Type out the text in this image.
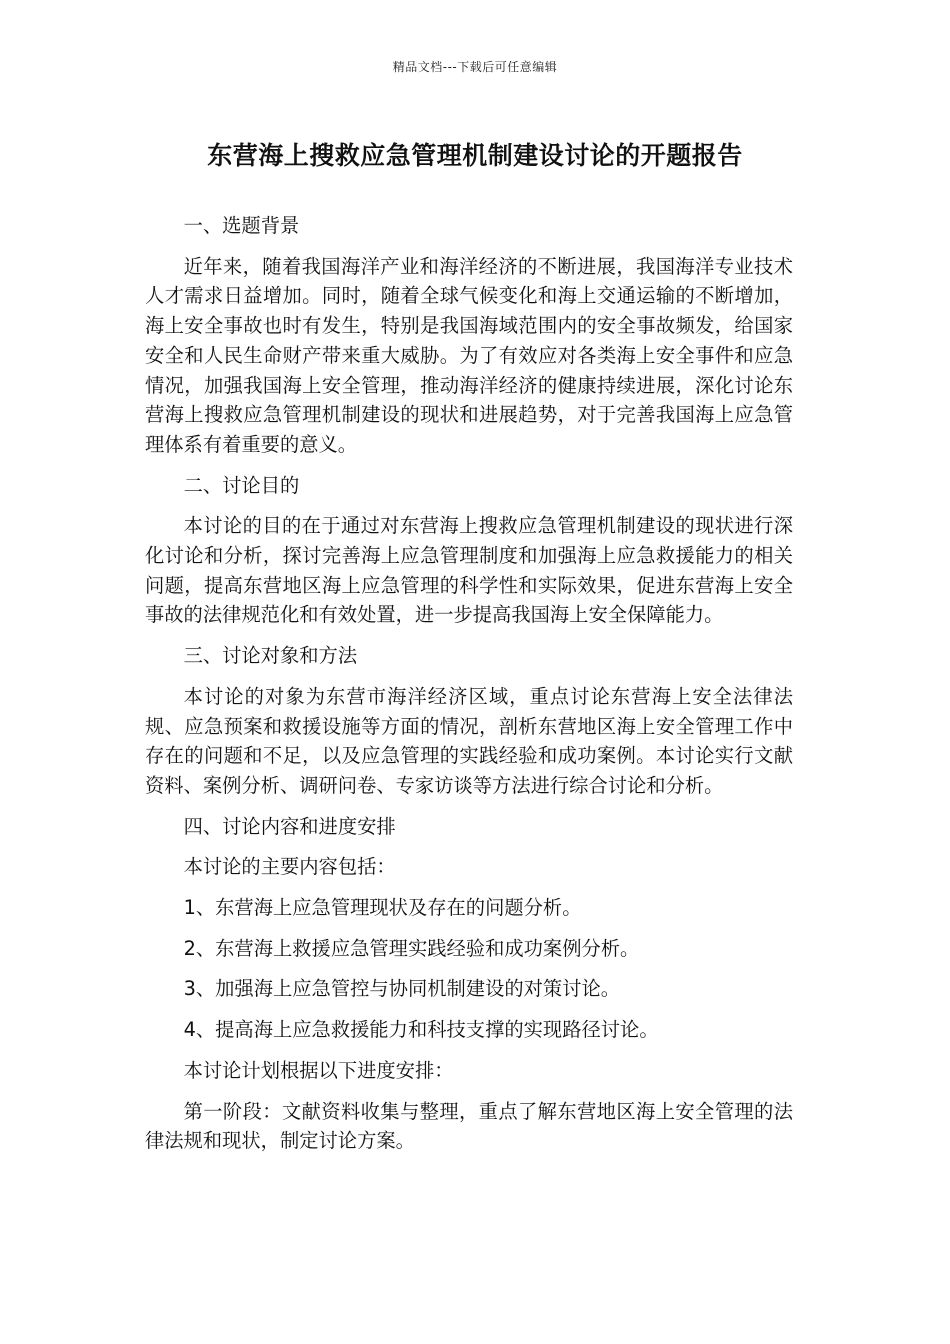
精品文档---下载后可任意编辑
东营海上搜救应急管理机制建设讨论的开题报告

一、选题背景

近年来，随着我国海洋产业和海洋经济的不断进展，我国海洋专业技术人才需求日益增加。同时，随着全球气候变化和海上交通运输的不断增加，海上安全事故也时有发生，特别是我国海域范围内的安全事故频发，给国家安全和人民生命财产带来重大威胁。为了有效应对各类海上安全事件和应急情况，加强我国海上安全管理，推动海洋经济的健康持续进展，深化讨论东营海上搜救应急管理机制建设的现状和进展趋势，对于完善我国海上应急管理体系有着重要的意义。

二、讨论目的

本讨论的目的在于通过对东营海上搜救应急管理机制建设的现状进行深化讨论和分析，探讨完善海上应急管理制度和加强海上应急救援能力的相关问题，提高东营地区海上应急管理的科学性和实际效果，促进东营海上安全事故的法律规范化和有效处置，进一步提高我国海上安全保障能力。

三、讨论对象和方法

本讨论的对象为东营市海洋经济区域，重点讨论东营海上安全法律法规、应急预案和救援设施等方面的情况，剖析东营地区海上安全管理工作中存在的问题和不足，以及应急管理的实践经验和成功案例。本讨论实行文献资料、案例分析、调研问卷、专家访谈等方法进行综合讨论和分析。

四、讨论内容和进度安排

本讨论的主要内容包括：

1、东营海上应急管理现状及存在的问题分析。

2、东营海上救援应急管理实践经验和成功案例分析。

3、加强海上应急管控与协同机制建设的对策讨论。

4、提高海上应急救援能力和科技支撑的实现路径讨论。

本讨论计划根据以下进度安排：

第一阶段：文献资料收集与整理，重点了解东营地区海上安全管理的法律法规和现状，制定讨论方案。
